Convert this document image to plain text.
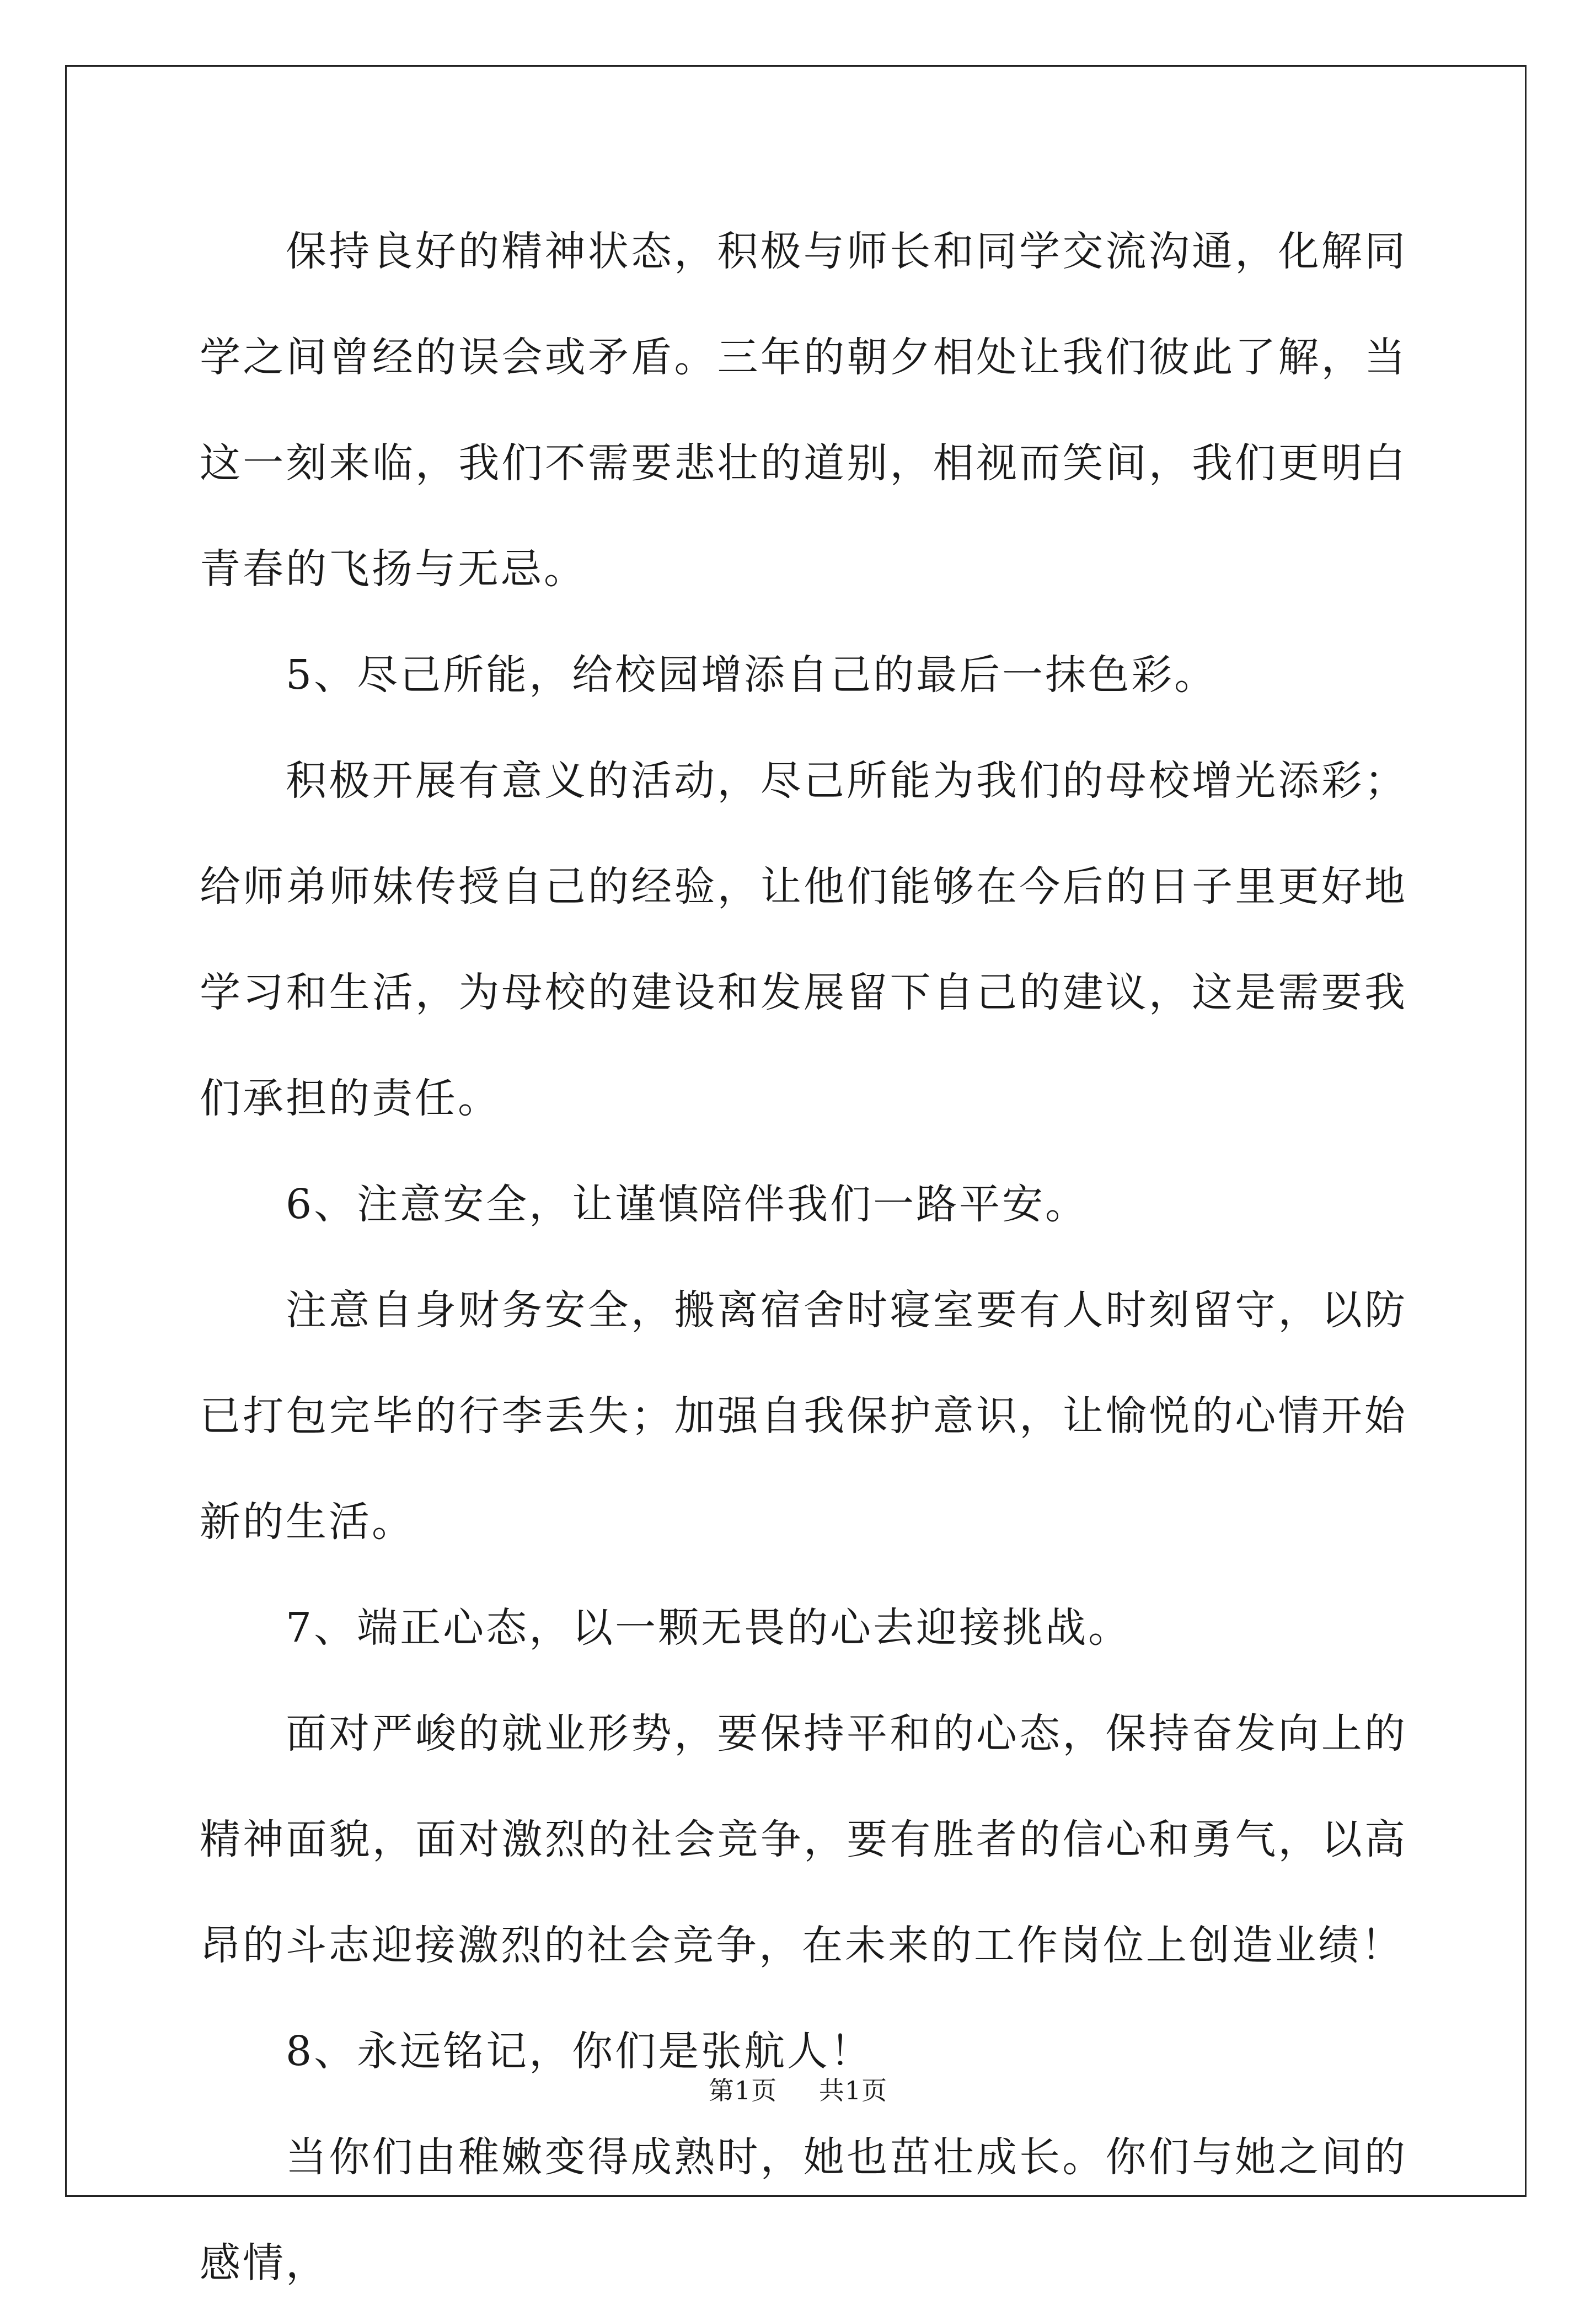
保持良好的精神状态，积极与师长和同学交流沟通，化解同学之间曾经的误会或矛盾。三年的朝夕相处让我们彼此了解，当这一刻来临，我们不需要悲壮的道别，相视而笑间，我们更明白青春的飞扬与无忌。

5、尽己所能，给校园增添自己的最后一抹色彩。

积极开展有意义的活动，尽己所能为我们的母校增光添彩；给师弟师妹传授自己的经验，让他们能够在今后的日子里更好地学习和生活，为母校的建设和发展留下自己的建议，这是需要我们承担的责任。

6、注意安全，让谨慎陪伴我们一路平安。

注意自身财务安全，搬离宿舍时寝室要有人时刻留守，以防已打包完毕的行李丢失；加强自我保护意识，让愉悦的心情开始新的生活。

7、端正心态，以一颗无畏的心去迎接挑战。

面对严峻的就业形势，要保持平和的心态，保持奋发向上的精神面貌，面对激烈的社会竞争，要有胜者的信心和勇气，以高昂的斗志迎接激烈的社会竞争，在未来的工作岗位上创造业绩！

8、永远铭记，你们是张航人！

当你们由稚嫩变得成熟时，她也茁壮成长。你们与她之间的感情，

第1页 共1页
